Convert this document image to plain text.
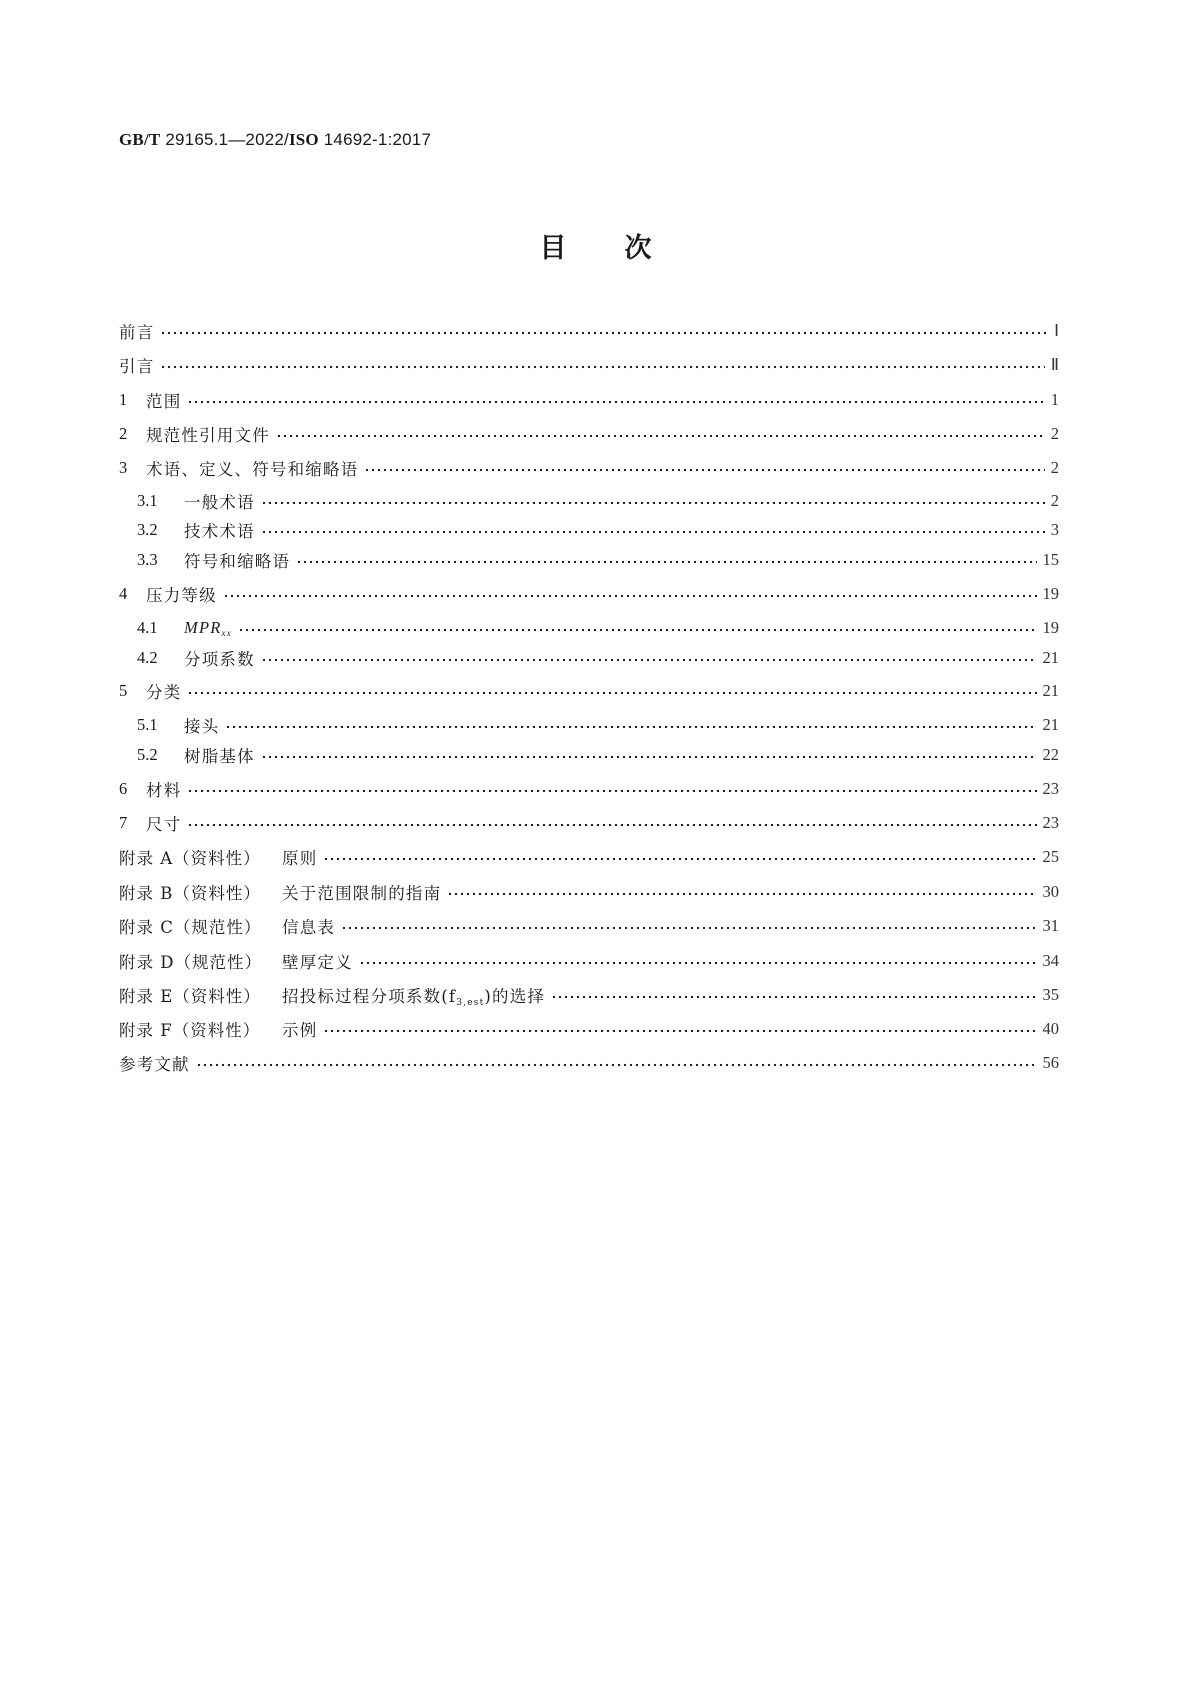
GB/T 29165.1—2022/ISO 14692-1:2017
目 次
前言	Ⅰ
引言	Ⅱ
1	范围	1
2	规范性引用文件	2
3	术语、定义、符号和缩略语	2
3.1	一般术语	2
3.2	技术术语	3
3.3	符号和缩略语	15
4	压力等级	19
4.1	$MPR_{xx}$	19
4.2	分项系数	21
5	分类	21
5.1	接头	21
5.2	树脂基体	22
6	材料	23
7	尺寸	23
附录 A（资料性）	原则	25
附录 B（资料性）	关于范围限制的指南	30
附录 C（规范性）	信息表	31
附录 D（规范性）	壁厚定义	34
附录 E（资料性）	招投标过程分项系数$(f_{3,est})$的选择	35
附录 F（资料性）	示例	40
参考文献	56
